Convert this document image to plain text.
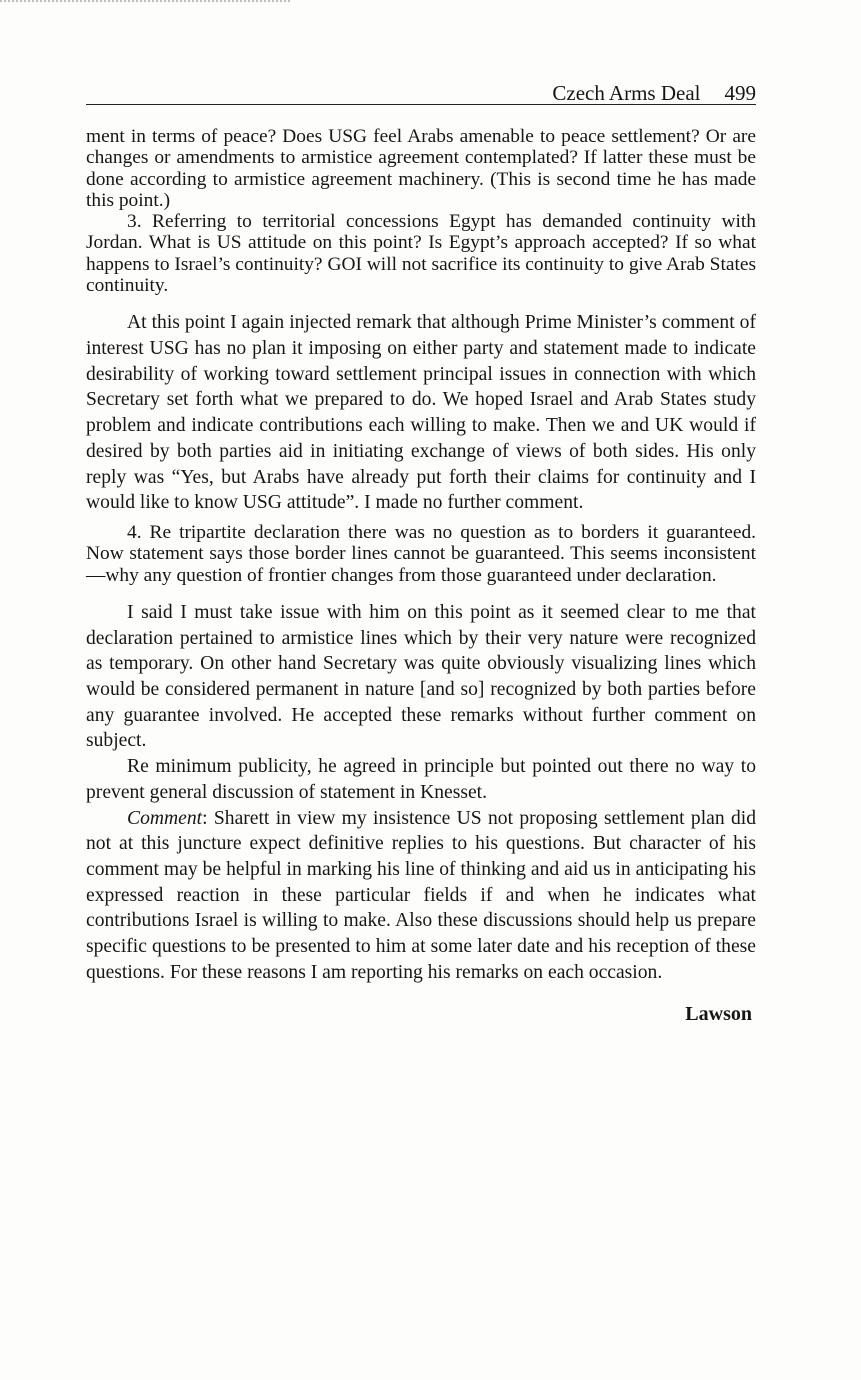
Czech Arms Deal 499

ment in terms of peace? Does USG feel Arabs amenable to peace settlement? Or are changes or amendments to armistice agreement contemplated? If latter these must be done according to armistice agreement machinery. (This is second time he has made this point.)

3. Referring to territorial concessions Egypt has demanded continuity with Jordan. What is US attitude on this point? Is Egypt’s approach accepted? If so what happens to Israel’s continuity? GOI will not sacrifice its continuity to give Arab States continuity.

At this point I again injected remark that although Prime Minister’s comment of interest USG has no plan it imposing on either party and statement made to indicate desirability of working toward settlement principal issues in connection with which Secretary set forth what we prepared to do. We hoped Israel and Arab States study problem and indicate contributions each willing to make. Then we and UK would if desired by both parties aid in initiating exchange of views of both sides. His only reply was “Yes, but Arabs have already put forth their claims for continuity and I would like to know USG attitude”. I made no further comment.

4. Re tripartite declaration there was no question as to borders it guaranteed. Now statement says those border lines cannot be guaranteed. This seems inconsistent—why any question of frontier changes from those guaranteed under declaration.

I said I must take issue with him on this point as it seemed clear to me that declaration pertained to armistice lines which by their very nature were recognized as temporary. On other hand Secretary was quite obviously visualizing lines which would be considered permanent in nature [and so] recognized by both parties before any guarantee involved. He accepted these remarks without further comment on subject.

Re minimum publicity, he agreed in principle but pointed out there no way to prevent general discussion of statement in Knesset.

Comment: Sharett in view my insistence US not proposing settlement plan did not at this juncture expect definitive replies to his questions. But character of his comment may be helpful in marking his line of thinking and aid us in anticipating his expressed reaction in these particular fields if and when he indicates what contributions Israel is willing to make. Also these discussions should help us prepare specific questions to be presented to him at some later date and his reception of these questions. For these reasons I am reporting his remarks on each occasion.

Lawson
